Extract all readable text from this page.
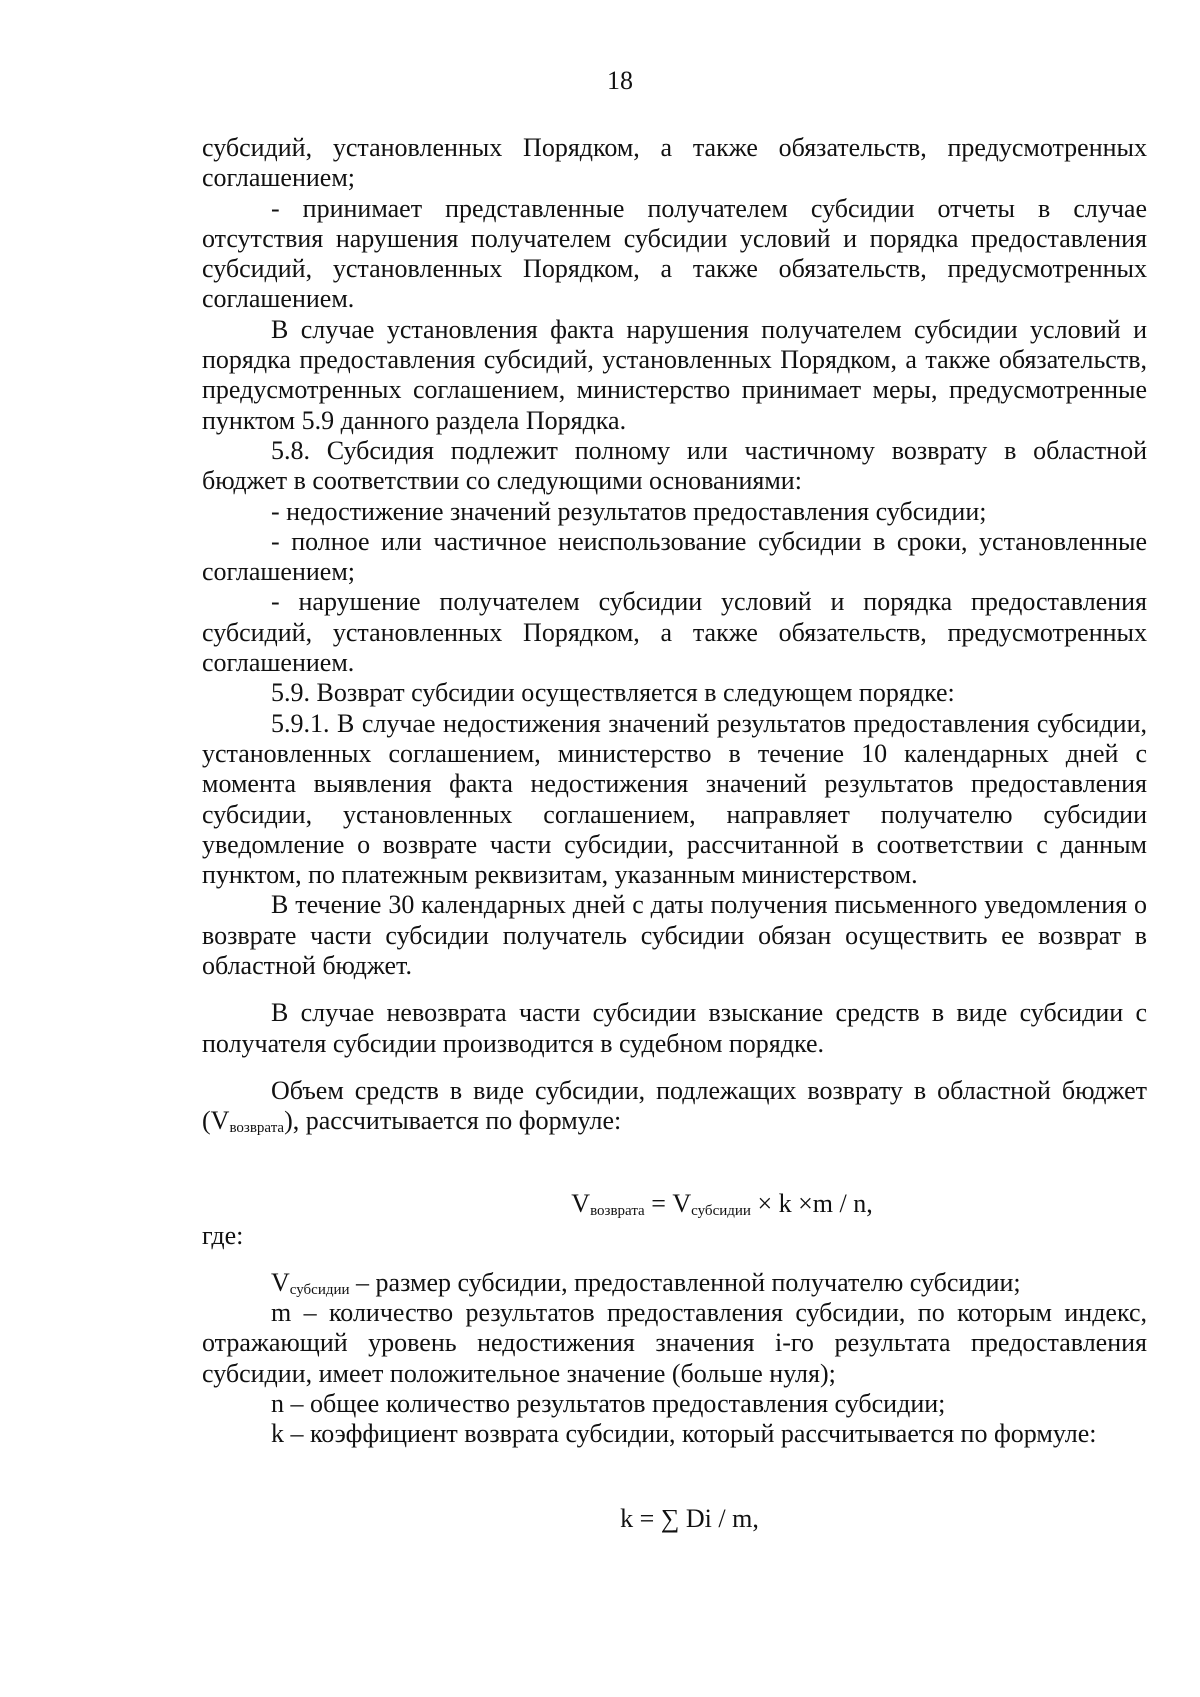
18

субсидий, установленных Порядком, а также обязательств, предусмотренных соглашением;

- принимает представленные получателем субсидии отчеты в случае отсутствия нарушения получателем субсидии условий и порядка предоставления субсидий, установленных Порядком, а также обязательств, предусмотренных соглашением.

В случае установления факта нарушения получателем субсидии условий и порядка предоставления субсидий, установленных Порядком, а также обязательств, предусмотренных соглашением, министерство принимает меры, предусмотренные пунктом 5.9 данного раздела Порядка.

5.8. Субсидия подлежит полному или частичному возврату в областной бюджет в соответствии со следующими основаниями:

- недостижение значений результатов предоставления субсидии;

- полное или частичное неиспользование субсидии в сроки, установленные соглашением;

- нарушение получателем субсидии условий и порядка предоставления субсидий, установленных Порядком, а также обязательств, предусмотренных соглашением.

5.9. Возврат субсидии осуществляется в следующем порядке:

5.9.1. В случае недостижения значений результатов предоставления субсидии, установленных соглашением, министерство в течение 10 календарных дней с момента выявления факта недостижения значений результатов предоставления субсидии, установленных соглашением, направляет получателю субсидии уведомление о возврате части субсидии, рассчитанной в соответствии с данным пунктом, по платежным реквизитам, указанным министерством.

В течение 30 календарных дней с даты получения письменного уведомления о возврате части субсидии получатель субсидии обязан осуществить ее возврат в областной бюджет.

В случае невозврата части субсидии взыскание средств в виде субсидии с получателя субсидии производится в судебном порядке.

Объем средств в виде субсидии, подлежащих возврату в областной бюджет $(V_{возврата})$, рассчитывается по формуле:

$V_{возврата} = V_{субсидии} \times k \times m / n$,

где:

$V_{субсидии}$ – размер субсидии, предоставленной получателю субсидии;

m – количество результатов предоставления субсидии, по которым индекс, отражающий уровень недостижения значения i-го результата предоставления субсидии, имеет положительное значение (больше нуля);

n – общее количество результатов предоставления субсидии;

k – коэффициент возврата субсидии, который рассчитывается по формуле:

k = ∑ Di / m,
